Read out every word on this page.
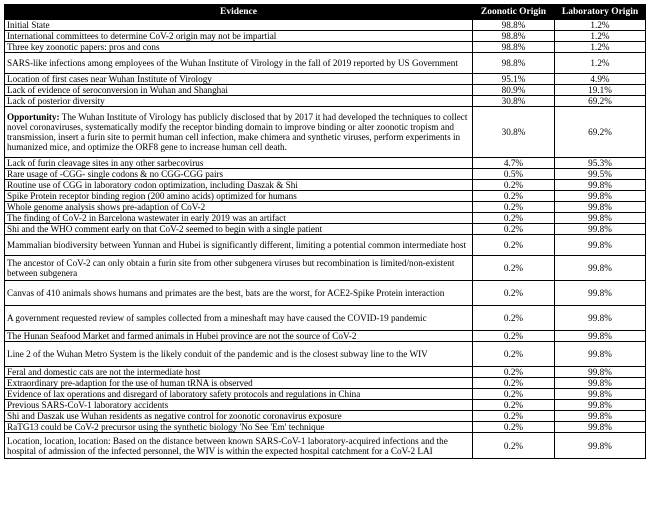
Evidence	Zoonotic Origin	Laboratory Origin
Initial State	98.8%	1.2%
International committees to determine CoV-2 origin may not be impartial	98.8%	1.2%
Three key zoonotic papers: pros and cons	98.8%	1.2%
SARS-like infections among employees of the Wuhan Institute of Virology in the fall of 2019 reported by US Government	98.8%	1.2%
Location of first cases near Wuhan Institute of Virology	95.1%	4.9%
Lack of evidence of seroconversion in Wuhan and Shanghai	80.9%	19.1%
Lack of posterior diversity	30.8%	69.2%
Opportunity: The Wuhan Institute of Virology has publicly disclosed that by 2017 it had developed the techniques to collect novel coronaviruses, systematically modify the receptor binding domain to improve binding or alter zoonotic tropism and transmission, insert a furin site to permit human cell infection, make chimera and synthetic viruses, perform experiments in humanized mice, and optimize the ORF8 gene to increase human cell death.	30.8%	69.2%
Lack of furin cleavage sites in any other sarbecovirus	4.7%	95.3%
Rare usage of -CGG- single codons & no CGG-CGG pairs	0.5%	99.5%
Routine use of CGG in laboratory codon optimization, including Daszak & Shi	0.2%	99.8%
Spike Protein receptor binding region (200 amino acids) optimized for humans	0.2%	99.8%
Whole genome analysis shows pre-adaption of CoV-2	0.2%	99.8%
The finding of CoV-2 in Barcelona wastewater in early 2019 was an artifact	0.2%	99.8%
Shi and the WHO comment early on that CoV-2 seemed to begin with a single patient	0.2%	99.8%
Mammalian biodiversity between Yunnan and Hubei is significantly different, limiting a potential common intermediate host	0.2%	99.8%
The ancestor of CoV-2 can only obtain a furin site from other subgenera viruses but recombination is limited/non-existent between subgenera	0.2%	99.8%
Canvas of 410 animals shows humans and primates are the best, bats are the worst, for ACE2-Spike Protein interaction	0.2%	99.8%
A government requested review of samples collected from a mineshaft may have caused the COVID-19 pandemic	0.2%	99.8%
The Hunan Seafood Market and farmed animals in Hubei province are not the source of CoV-2	0.2%	99.8%
Line 2 of the Wuhan Metro System is the likely conduit of the pandemic and is the closest subway line to the WIV	0.2%	99.8%
Feral and domestic cats are not the intermediate host	0.2%	99.8%
Extraordinary pre-adaption for the use of human tRNA is observed	0.2%	99.8%
Evidence of lax operations and disregard of laboratory safety protocols and regulations in China	0.2%	99.8%
Previous SARS-CoV-1 laboratory accidents	0.2%	99.8%
Shi and Daszak use Wuhan residents as negative control for zoonotic coronavirus exposure	0.2%	99.8%
RaTG13 could be CoV-2 precursor using the synthetic biology 'No See 'Em' technique	0.2%	99.8%
Location, location, location: Based on the distance between known SARS-CoV-1 laboratory-acquired infections and the hospital of admission of the infected personnel, the WIV is within the expected hospital catchment for a CoV-2 LAI	0.2%	99.8%
